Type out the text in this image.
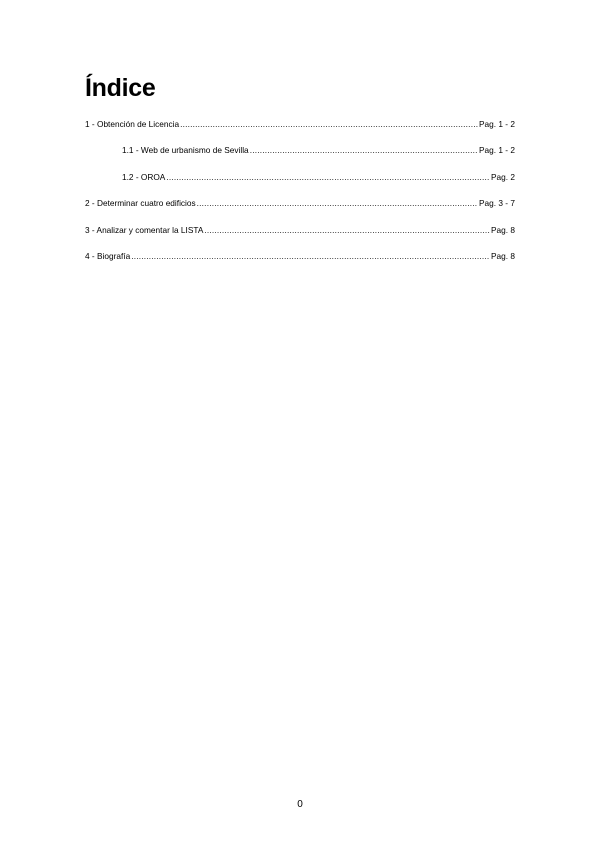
Índice
1 - Obtención de Licencia .....	Pag. 1 - 2
1.1 - Web de urbanismo de Sevilla .....	Pag. 1 - 2
1.2 - OROA .....	Pag. 2
2 - Determinar cuatro edificios .....	Pag. 3 - 7
3 - Analizar y comentar la LISTA .....	Pag. 8
4 - Biografía .....	Pag. 8
0
